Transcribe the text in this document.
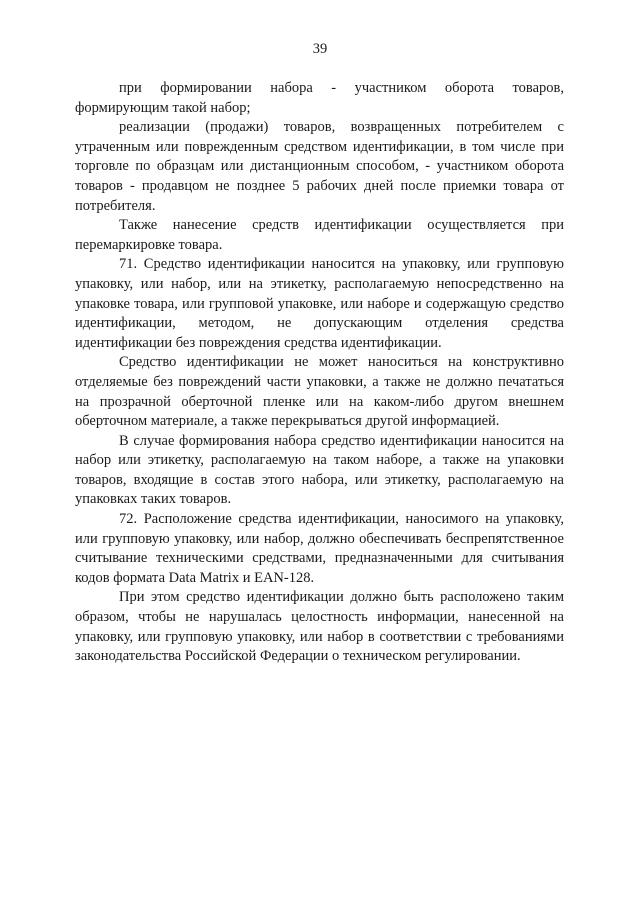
39

при формировании набора - участником оборота товаров, формирующим такой набор;

реализации (продажи) товаров, возвращенных потребителем с утраченным или поврежденным средством идентификации, в том числе при торговле по образцам или дистанционным способом, - участником оборота товаров - продавцом не позднее 5 рабочих дней после приемки товара от потребителя.

Также нанесение средств идентификации осуществляется при перемаркировке товара.

71. Средство идентификации наносится на упаковку, или групповую упаковку, или набор, или на этикетку, располагаемую непосредственно на упаковке товара, или групповой упаковке, или наборе и содержащую средство идентификации, методом, не допускающим отделения средства идентификации без повреждения средства идентификации.

Средство идентификации не может наноситься на конструктивно отделяемые без повреждений части упаковки, а также не должно печататься на прозрачной оберточной пленке или на каком-либо другом внешнем оберточном материале, а также перекрываться другой информацией.

В случае формирования набора средство идентификации наносится на набор или этикетку, располагаемую на таком наборе, а также на упаковки товаров, входящие в состав этого набора, или этикетку, располагаемую на упаковках таких товаров.

72. Расположение средства идентификации, наносимого на упаковку, или групповую упаковку, или набор, должно обеспечивать беспрепятственное считывание техническими средствами, предназначенными для считывания кодов формата Data Matrix и EAN-128.

При этом средство идентификации должно быть расположено таким образом, чтобы не нарушалась целостность информации, нанесенной на упаковку, или групповую упаковку, или набор в соответствии с требованиями законодательства Российской Федерации о техническом регулировании.
